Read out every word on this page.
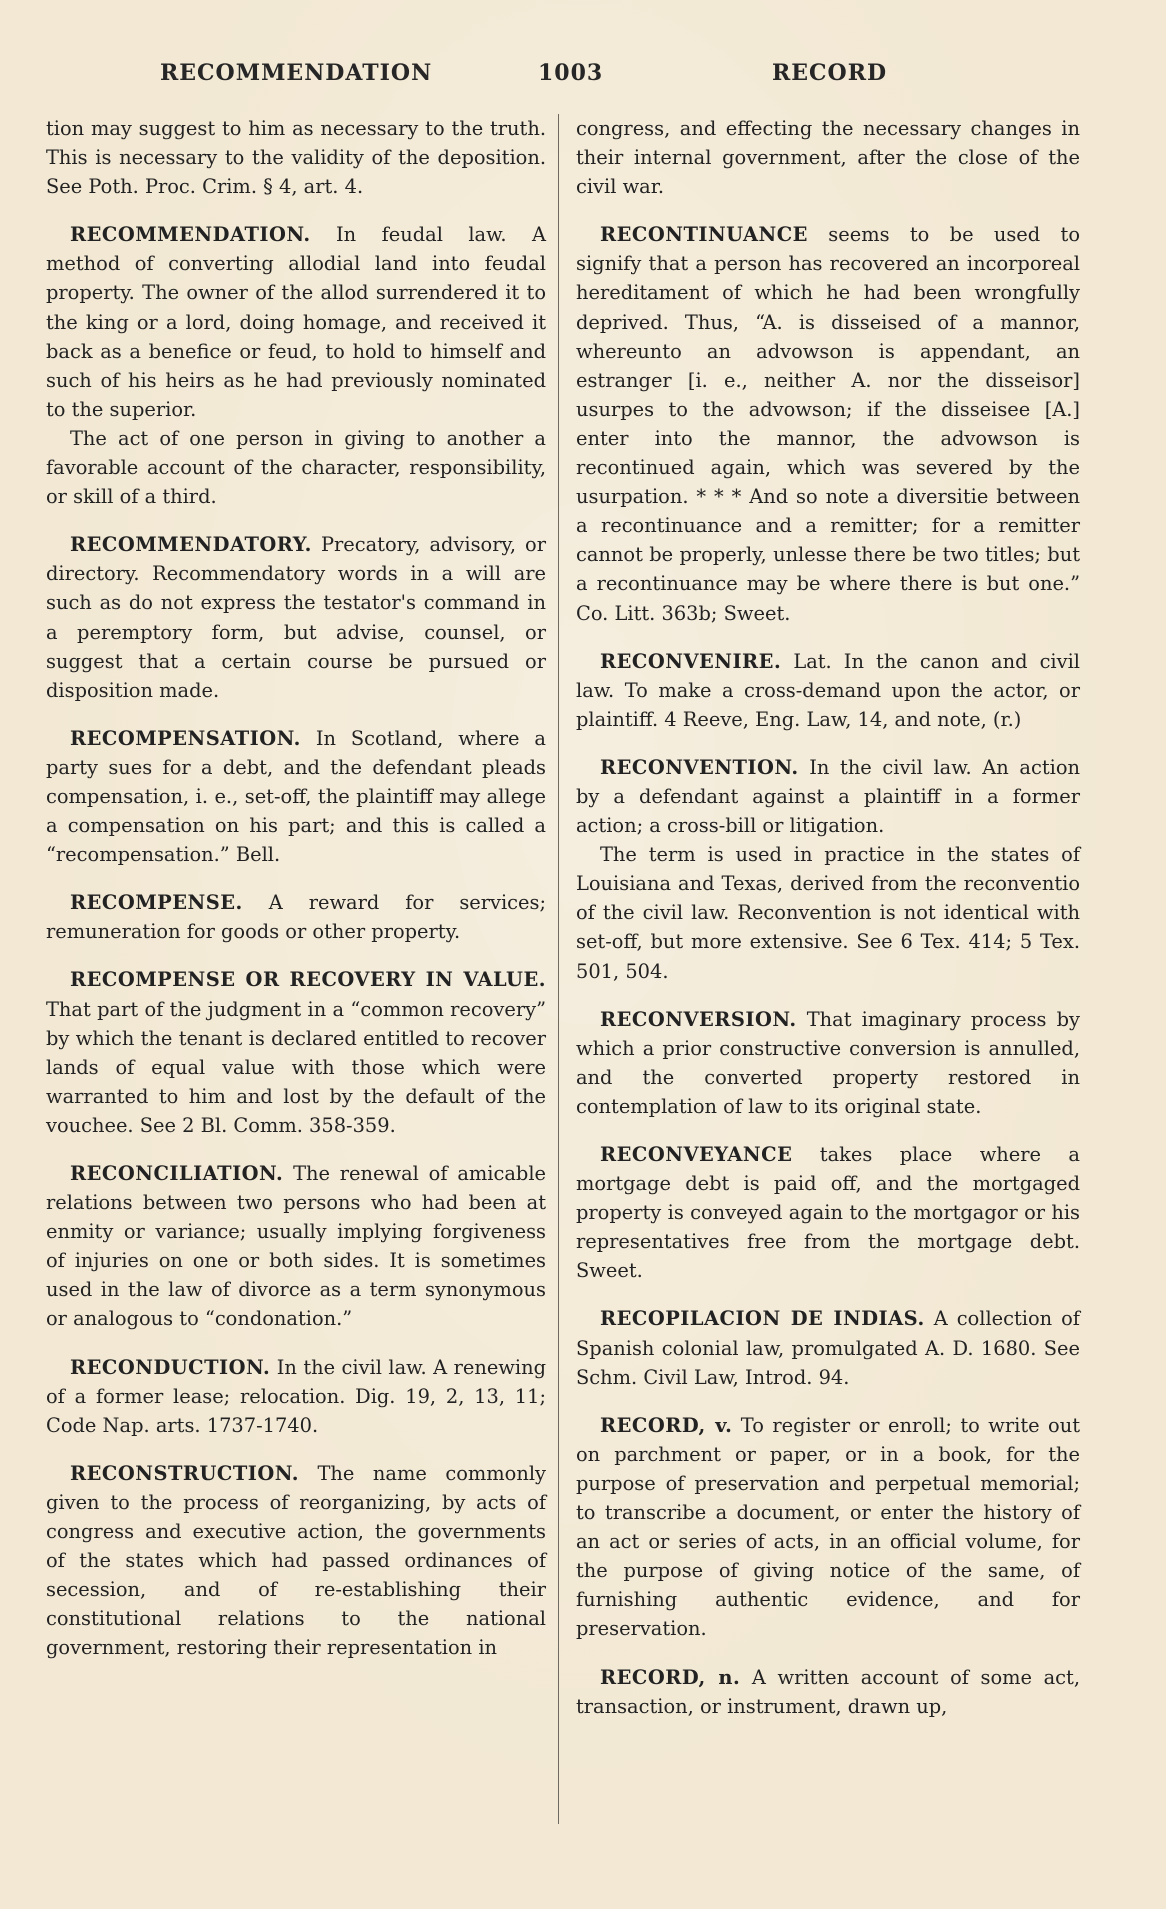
RECOMMENDATION	1003	RECORD

tion may suggest to him as necessary to the truth. This is necessary to the validity of the deposition. See Poth. Proc. Crim. § 4, art. 4.

RECOMMENDATION. In feudal law. A method of converting allodial land into feudal property. The owner of the allod surrendered it to the king or a lord, doing homage, and received it back as a benefice or feud, to hold to himself and such of his heirs as he had previously nominated to the superior.

The act of one person in giving to another a favorable account of the character, responsibility, or skill of a third.

RECOMMENDATORY. Precatory, advisory, or directory. Recommendatory words in a will are such as do not express the testator's command in a peremptory form, but advise, counsel, or suggest that a certain course be pursued or disposition made.

RECOMPENSATION. In Scotland, where a party sues for a debt, and the defendant pleads compensation, i. e., set-off, the plaintiff may allege a compensation on his part; and this is called a “recompensation.” Bell.

RECOMPENSE. A reward for services; remuneration for goods or other property.

RECOMPENSE OR RECOVERY IN VALUE. That part of the judgment in a “common recovery” by which the tenant is declared entitled to recover lands of equal value with those which were warranted to him and lost by the default of the vouchee. See 2 Bl. Comm. 358-359.

RECONCILIATION. The renewal of amicable relations between two persons who had been at enmity or variance; usually implying forgiveness of injuries on one or both sides. It is sometimes used in the law of divorce as a term synonymous or analogous to “condonation.”

RECONDUCTION. In the civil law. A renewing of a former lease; relocation. Dig. 19, 2, 13, 11; Code Nap. arts. 1737-1740.

RECONSTRUCTION. The name commonly given to the process of reorganizing, by acts of congress and executive action, the governments of the states which had passed ordinances of secession, and of re-establishing their constitutional relations to the national government, restoring their representation in

congress, and effecting the necessary changes in their internal government, after the close of the civil war.

RECONTINUANCE seems to be used to signify that a person has recovered an incorporeal hereditament of which he had been wrongfully deprived. Thus, “A. is disseised of a mannor, whereunto an advowson is appendant, an estranger [i. e., neither A. nor the disseisor] usurpes to the advowson; if the disseisee [A.] enter into the mannor, the advowson is recontinued again, which was severed by the usurpation. * * * And so note a diversitie between a recontinuance and a remitter; for a remitter cannot be properly, unlesse there be two titles; but a recontinuance may be where there is but one.” Co. Litt. 363b; Sweet.

RECONVENIRE. Lat. In the canon and civil law. To make a cross-demand upon the actor, or plaintiff. 4 Reeve, Eng. Law, 14, and note, (r.)

RECONVENTION. In the civil law. An action by a defendant against a plaintiff in a former action; a cross-bill or litigation.

The term is used in practice in the states of Louisiana and Texas, derived from the reconventio of the civil law. Reconvention is not identical with set-off, but more extensive. See 6 Tex. 414; 5 Tex. 501, 504.

RECONVERSION. That imaginary process by which a prior constructive conversion is annulled, and the converted property restored in contemplation of law to its original state.

RECONVEYANCE takes place where a mortgage debt is paid off, and the mortgaged property is conveyed again to the mortgagor or his representatives free from the mortgage debt. Sweet.

RECOPILACION DE INDIAS. A collection of Spanish colonial law, promulgated A. D. 1680. See Schm. Civil Law, Introd. 94.

RECORD, v. To register or enroll; to write out on parchment or paper, or in a book, for the purpose of preservation and perpetual memorial; to transcribe a document, or enter the history of an act or series of acts, in an official volume, for the purpose of giving notice of the same, of furnishing authentic evidence, and for preservation.

RECORD, n. A written account of some act, transaction, or instrument, drawn up,
